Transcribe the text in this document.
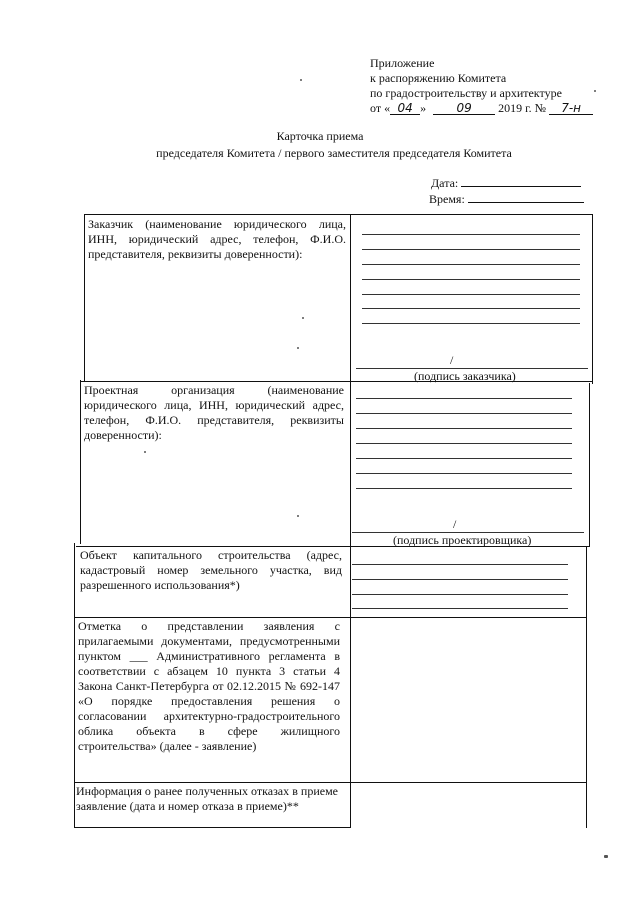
Приложение
к распоряжению Комитета
по градостроительству и архитектуре
от « 04 »	09 2019 г. № 7-н
Карточка приема
председателя Комитета / первого заместителя председателя Комитета
Дата:
Время:
Заказчик (наименование юридического лица, ИНН, юридический адрес, телефон, Ф.И.О. представителя, реквизиты доверенности):
/
(подпись заказчика)
Проектная организация (наименование юридического лица, ИНН, юридический адрес, телефон, Ф.И.О. представителя, реквизиты доверенности):
/
(подпись проектировщика)
Объект капитального строительства (адрес, кадастровый номер земельного участка, вид разрешенного использования*)
Отметка о представлении заявления с прилагаемыми документами, предусмотренными пунктом ___ Административного регламента в соответствии с абзацем 10 пункта 3 статьи 4 Закона Санкт-Петербурга от 02.12.2015 № 692-147 «О порядке предоставления решения о согласовании архитектурно-градостроительного облика объекта в сфере жилищного строительства» (далее - заявление)
Информация о ранее полученных отказах в приеме заявление (дата и номер отказа в приеме)**
